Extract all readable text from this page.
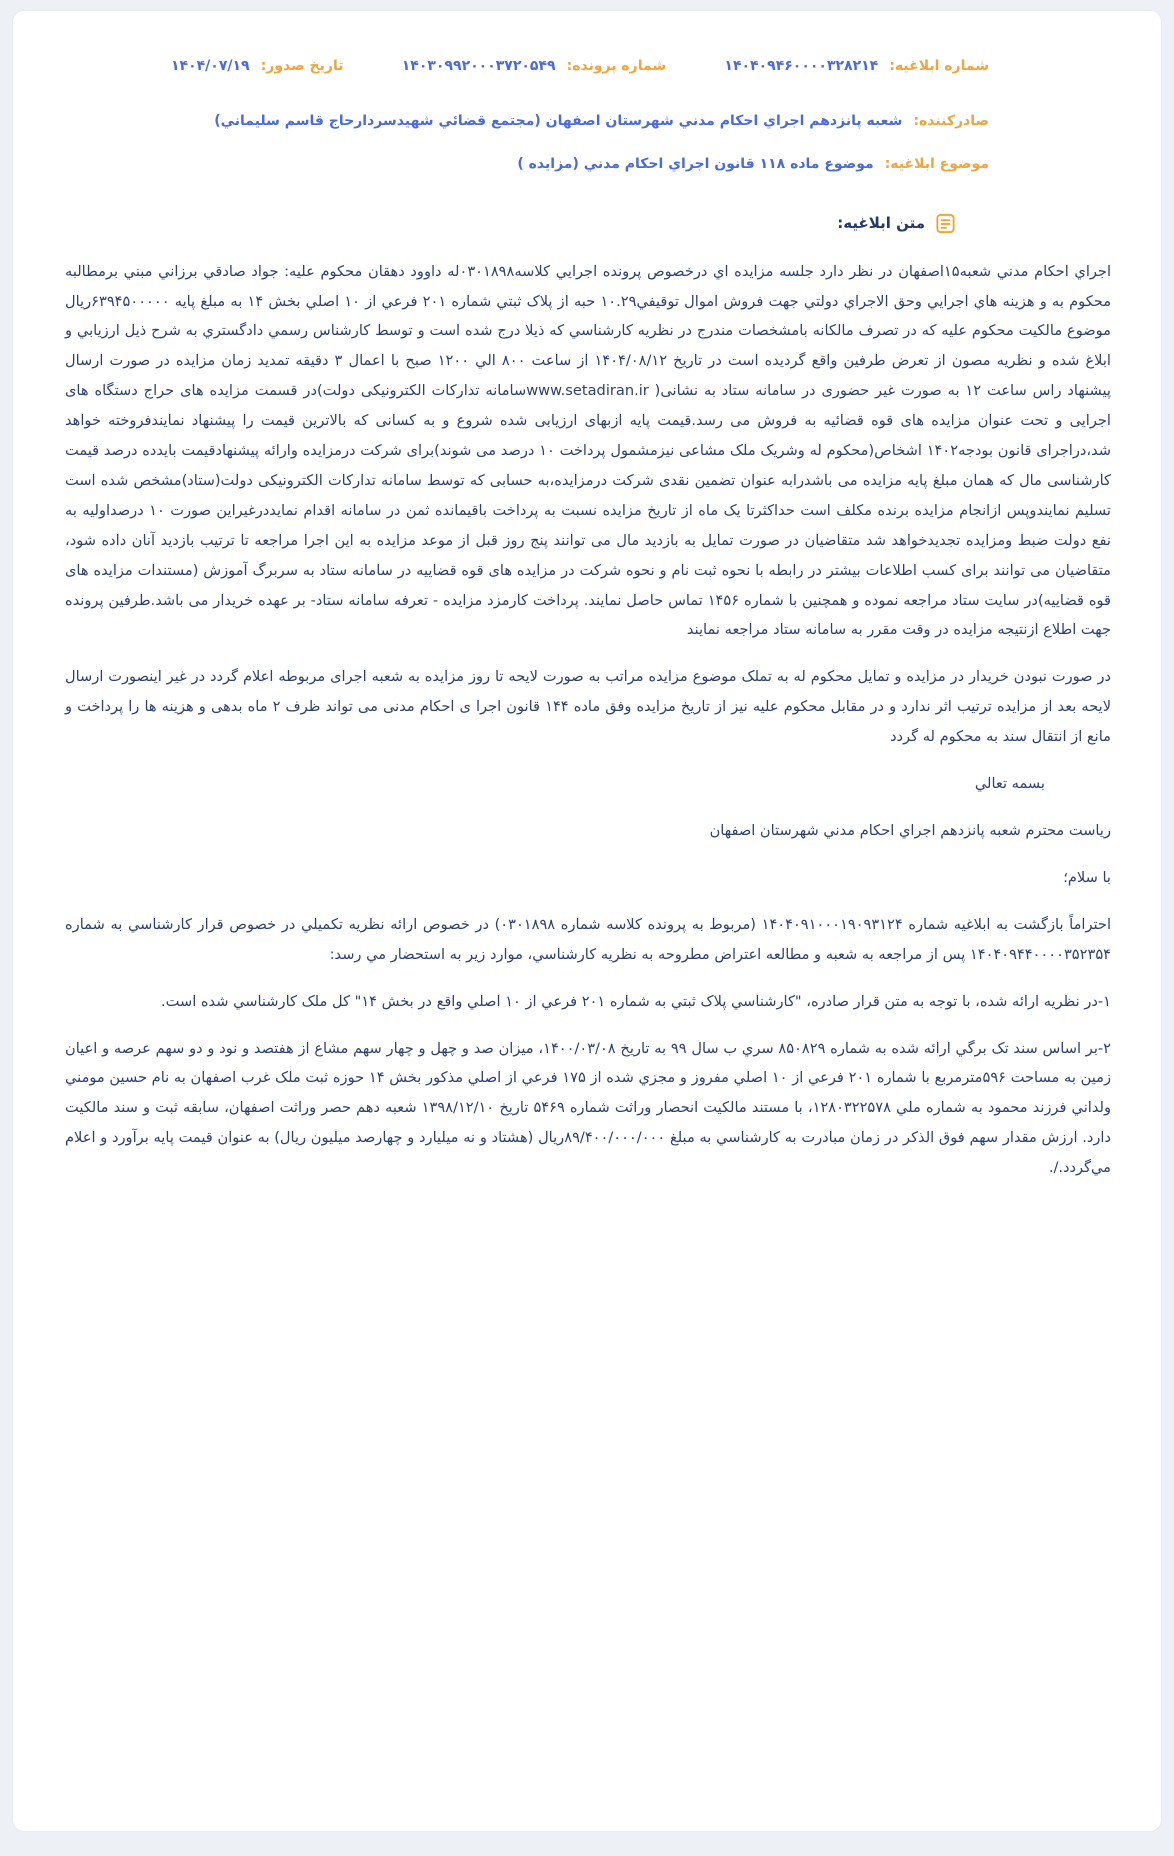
شماره ابلاغیه: ۱۴۰۴۰۹۴۶۰۰۰۰۳۲۸۲۱۴
شماره پرونده: ۱۴۰۳۰۹۹۲۰۰۰۳۷۲۰۵۴۹
تاریخ صدور: ۱۴۰۴/۰۷/۱۹
صادرکننده: شعبه پانزدهم اجراي احکام مدني شهرستان اصفهان (مجتمع قضائي شهیدسردارحاج قاسم سلیماني)
موضوع ابلاغیه: موضوع ماده ۱۱۸ قانون اجراي احکام مدني (مزایده )
متن ابلاغیه:

اجراي احکام مدني شعبه۱۵اصفهان در نظر دارد جلسه مزایده اي درخصوص پرونده اجرایي کلاسه۰۳۰۱۸۹۸له داوود دهقان محکوم علیه: جواد صادقي برزاني مبني برمطالبه محکوم به و هزینه هاي اجرایي وحق الاجراي دولتي جهت فروش اموال توقیفي۱۰.۲۹ حبه از پلاک ثبتي شماره ۲۰۱ فرعي از ۱۰ اصلي بخش ۱۴ به مبلغ پایه ۶۳۹۴۵۰۰۰۰۰ریال موضوع مالکیت محکوم علیه که در تصرف مالکانه بامشخصات مندرج در نظریه کارشناسي که ذیلا درج شده است و توسط کارشناس رسمي دادگستري به شرح ذیل ارزیابي و ابلاغ شده و نظریه مصون از تعرض طرفین واقع گردیده است در تاریخ ۱۴۰۴/۰۸/۱۲ از ساعت ۸۰۰ الي ۱۲۰۰ صبح با اعمال ۳ دقیقه تمدید زمان مزایده در صورت ارسال پیشنهاد راس ساعت ۱۲ به صورت غیر حضوری در سامانه ستاد به نشانی( www.setadiran.irسامانه تدارکات الکترونیکی دولت)در قسمت مزایده های حراج دستگاه های اجرایی و تحت عنوان مزایده های قوه قضائیه به فروش می رسد.قیمت پایه ازبهای ارزیابی شده شروع و به کسانی که بالاترین قیمت را پیشنهاد نمایندفروخته خواهد شد،دراجرای قانون بودجه۱۴۰۲ اشخاص(محکوم له وشریک ملک مشاعی نیزمشمول پرداخت ۱۰ درصد می شوند)برای شرکت درمزایده وارائه پیشنهادقیمت بایدده درصد قیمت کارشناسی مال که همان مبلغ پایه مزایده می باشدرابه عنوان تضمین نقدی شرکت درمزایده،به حسابی که توسط سامانه تدارکات الکترونیکی دولت(ستاد)مشخص شده است تسلیم نمایندوپس ازانجام مزایده برنده مکلف است حداکثرتا یک ماه از تاریخ مزایده نسبت به پرداخت باقیمانده ثمن در سامانه اقدام نمایددرغیراین صورت ۱۰ درصداولیه به نفع دولت ضبط ومزایده تجدیدخواهد شد متقاضیان در صورت تمایل به بازدید مال می توانند پنج روز قبل از موعد مزایده به این اجرا مراجعه تا ترتیب بازدید آنان داده شود، متقاضیان می توانند برای کسب اطلاعات بیشتر در رابطه با نحوه ثبت نام و نحوه شرکت در مزایده های قوه قضاییه در سامانه ستاد به سربرگ آموزش (مستندات مزایده های قوه قضاییه)در سایت ستاد مراجعه نموده و همچنین با شماره ۱۴۵۶ تماس حاصل نمایند. پرداخت کارمزد مزایده - تعرفه سامانه ستاد- بر عهده خریدار می باشد.طرفین پرونده جهت اطلاع ازنتیجه مزایده در وقت مقرر به سامانه ستاد مراجعه نمایند

در صورت نبودن خریدار در مزایده و تمایل محکوم له به تملک موضوع مزایده مراتب به صورت لایحه تا روز مزایده به شعبه اجرای مربوطه اعلام گردد در غیر اینصورت ارسال لایحه بعد از مزایده ترتیب اثر ندارد و در مقابل محکوم علیه نیز از تاریخ مزایده وفق ماده ۱۴۴ قانون اجرا ی احکام مدنی می تواند ظرف ۲ ماه بدهی و هزینه ها را پرداخت و مانع از انتقال سند به محکوم له گردد

بسمه تعالي

ریاست محترم شعبه پانزدهم اجراي احکام مدني شهرستان اصفهان

با سلام؛

احتراماً بازگشت به ابلاغیه شماره ۱۴۰۴۰۹۱۰۰۰۱۹۰۹۳۱۲۴ (مربوط به پرونده کلاسه شماره ۰۳۰۱۸۹۸) در خصوص ارائه نظریه تکمیلي در خصوص قرار کارشناسي به شماره ۱۴۰۴۰۹۴۴۰۰۰۰۳۵۲۳۵۴ پس از مراجعه به شعبه و مطالعه اعتراض مطروحه به نظریه کارشناسي، موارد زیر به استحضار مي رسد:

۱-در نظریه ارائه شده، با توجه به متن قرار صادره، "کارشناسي پلاک ثبتي به شماره ۲۰۱ فرعي از ۱۰ اصلي واقع در بخش ۱۴" کل ملک کارشناسي شده است.

۲-بر اساس سند تک برگي ارائه شده به شماره ۸۵۰۸۲۹ سري ب سال ۹۹ به تاریخ ۱۴۰۰/۰۳/۰۸، میزان صد و چهل و چهار سهم مشاع از هفتصد و نود و دو سهم عرصه و اعیان زمین به مساحت ۵۹۶مترمربع با شماره ۲۰۱ فرعي از ۱۰ اصلي مفروز و مجزي شده از ۱۷۵ فرعي از اصلي مذکور بخش ۱۴ حوزه ثبت ملک غرب اصفهان به نام حسین مومني ولداني فرزند محمود به شماره ملي ۱۲۸۰۳۲۲۵۷۸، با مستند مالکیت انحصار وراثت شماره ۵۴۶۹ تاریخ ۱۳۹۸/۱۲/۱۰ شعبه دهم حصر وراثت اصفهان، سابقه ثبت و سند مالکیت دارد. ارزش مقدار سهم فوق الذکر در زمان مبادرت به کارشناسي به مبلغ ۸۹/۴۰۰/۰۰۰/۰۰۰ریال (هشتاد و نه میلیارد و چهارصد میلیون ریال) به عنوان قیمت پایه برآورد و اعلام مي‌گردد./.
